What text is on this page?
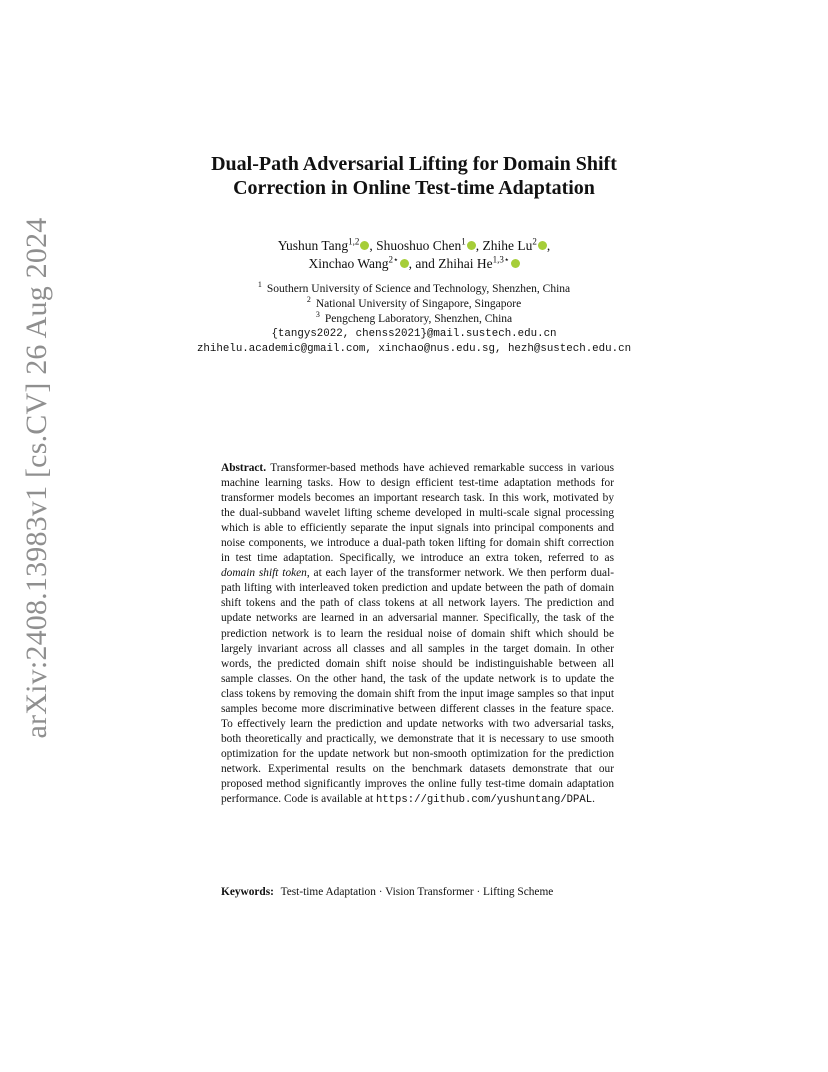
arXiv:2408.13983v1 [cs.CV] 26 Aug 2024
Dual-Path Adversarial Lifting for Domain Shift
Correction in Online Test-time Adaptation
Yushun Tang$^{1,2}$ , Shuoshuo Chen$^1$ , Zhihe Lu$^2$ ,
Xinchao Wang$^{2⋆}$ , and Zhihai $He^{1,3⋆}$
$^1$ Southern University of Science and Technology, Shenzhen, China
$^2$ National University of Singapore, Singapore
$^3$ Pengcheng Laboratory, Shenzhen, China
{tangys2022, chenss2021}@mail.sustech.edu.cn
zhihelu.academic@gmail.com, xinchao@nus.edu.sg, hezh@sustech.edu.cn
Abstract. Transformer-based methods have achieved remarkable success in various machine learning tasks. How to design efficient test-time adaptation methods for transformer models becomes an important research task. In this work, motivated by the dual-subband wavelet lifting scheme developed in multi-scale signal processing which is able to efficiently separate the input signals into principal components and noise components, we introduce a dual-path token lifting for domain shift correction in test time adaptation. Specifically, we introduce an extra token, referred to as domain shift token, at each layer of the transformer network. We then perform dual-path lifting with interleaved token prediction and update between the path of domain shift tokens and the path of class tokens at all network layers. The prediction and update networks are learned in an adversarial manner. Specifically, the task of the prediction network is to learn the residual noise of domain shift which should be largely invariant across all classes and all samples in the target domain. In other words, the predicted domain shift noise should be indistinguishable between all sample classes. On the other hand, the task of the update network is to update the class tokens by removing the domain shift from the input image samples so that input samples become more discriminative between different classes in the feature space. To effectively learn the prediction and update networks with two adversarial tasks, both theoretically and practically, we demonstrate that it is necessary to use smooth optimization for the update network but non-smooth optimization for the prediction network. Experimental results on the benchmark datasets demonstrate that our proposed method significantly improves the online fully test-time domain adaptation performance. Code is available at https://github.com/yushuntang/DPAL.
Keywords: Test-time Adaptation · Vision Transformer · Lifting Scheme
